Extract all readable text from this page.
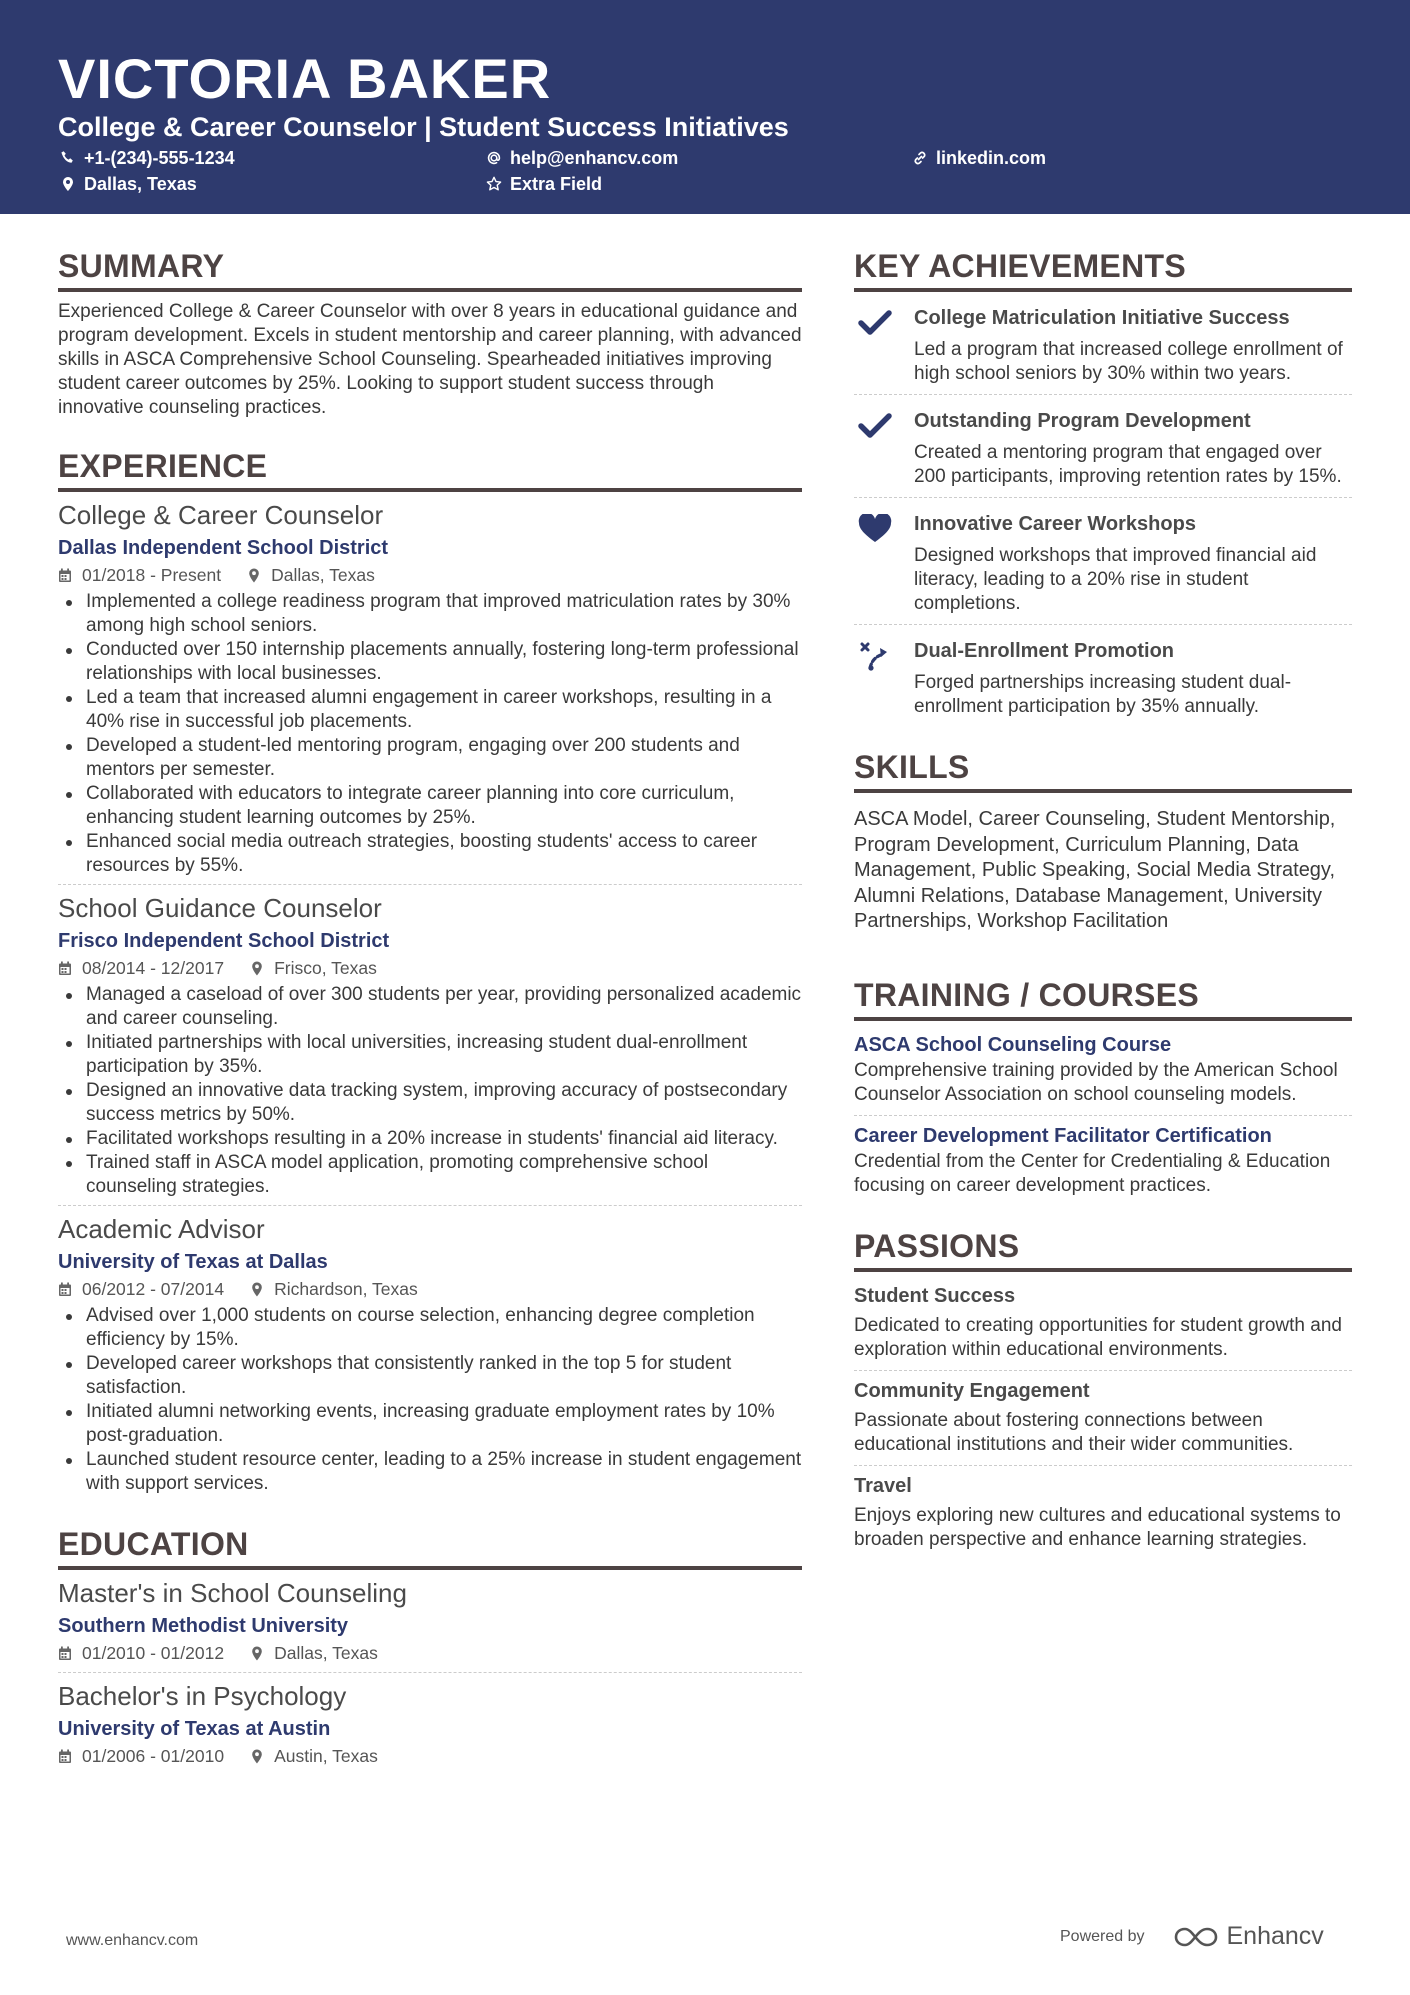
VICTORIA BAKER
College & Career Counselor | Student Success Initiatives
+1-(234)-555-1234	help@enhancv.com	linkedin.com
Dallas, Texas	Extra Field
SUMMARY
Experienced College & Career Counselor with over 8 years in educational guidance and program development. Excels in student mentorship and career planning, with advanced skills in ASCA Comprehensive School Counseling. Spearheaded initiatives improving student career outcomes by 25%. Looking to support student success through innovative counseling practices.
EXPERIENCE
College & Career Counselor
Dallas Independent School District
01/2018 - Present	Dallas, Texas
Implemented a college readiness program that improved matriculation rates by 30% among high school seniors.
Conducted over 150 internship placements annually, fostering long-term professional relationships with local businesses.
Led a team that increased alumni engagement in career workshops, resulting in a 40% rise in successful job placements.
Developed a student-led mentoring program, engaging over 200 students and mentors per semester.
Collaborated with educators to integrate career planning into core curriculum, enhancing student learning outcomes by 25%.
Enhanced social media outreach strategies, boosting students' access to career resources by 55%.
School Guidance Counselor
Frisco Independent School District
08/2014 - 12/2017	Frisco, Texas
Managed a caseload of over 300 students per year, providing personalized academic and career counseling.
Initiated partnerships with local universities, increasing student dual-enrollment participation by 35%.
Designed an innovative data tracking system, improving accuracy of postsecondary success metrics by 50%.
Facilitated workshops resulting in a 20% increase in students' financial aid literacy.
Trained staff in ASCA model application, promoting comprehensive school counseling strategies.
Academic Advisor
University of Texas at Dallas
06/2012 - 07/2014	Richardson, Texas
Advised over 1,000 students on course selection, enhancing degree completion efficiency by 15%.
Developed career workshops that consistently ranked in the top 5 for student satisfaction.
Initiated alumni networking events, increasing graduate employment rates by 10% post-graduation.
Launched student resource center, leading to a 25% increase in student engagement with support services.
EDUCATION
Master's in School Counseling
Southern Methodist University
01/2010 - 01/2012	Dallas, Texas
Bachelor's in Psychology
University of Texas at Austin
01/2006 - 01/2010	Austin, Texas
KEY ACHIEVEMENTS
College Matriculation Initiative Success
Led a program that increased college enrollment of high school seniors by 30% within two years.
Outstanding Program Development
Created a mentoring program that engaged over 200 participants, improving retention rates by 15%.
Innovative Career Workshops
Designed workshops that improved financial aid literacy, leading to a 20% rise in student completions.
Dual-Enrollment Promotion
Forged partnerships increasing student dual-enrollment participation by 35% annually.
SKILLS
ASCA Model, Career Counseling, Student Mentorship, Program Development, Curriculum Planning, Data Management, Public Speaking, Social Media Strategy, Alumni Relations, Database Management, University Partnerships, Workshop Facilitation
TRAINING / COURSES
ASCA School Counseling Course
Comprehensive training provided by the American School Counselor Association on school counseling models.
Career Development Facilitator Certification
Credential from the Center for Credentialing & Education focusing on career development practices.
PASSIONS
Student Success
Dedicated to creating opportunities for student growth and exploration within educational environments.
Community Engagement
Passionate about fostering connections between educational institutions and their wider communities.
Travel
Enjoys exploring new cultures and educational systems to broaden perspective and enhance learning strategies.
www.enhancv.com	Powered by	Enhancv
